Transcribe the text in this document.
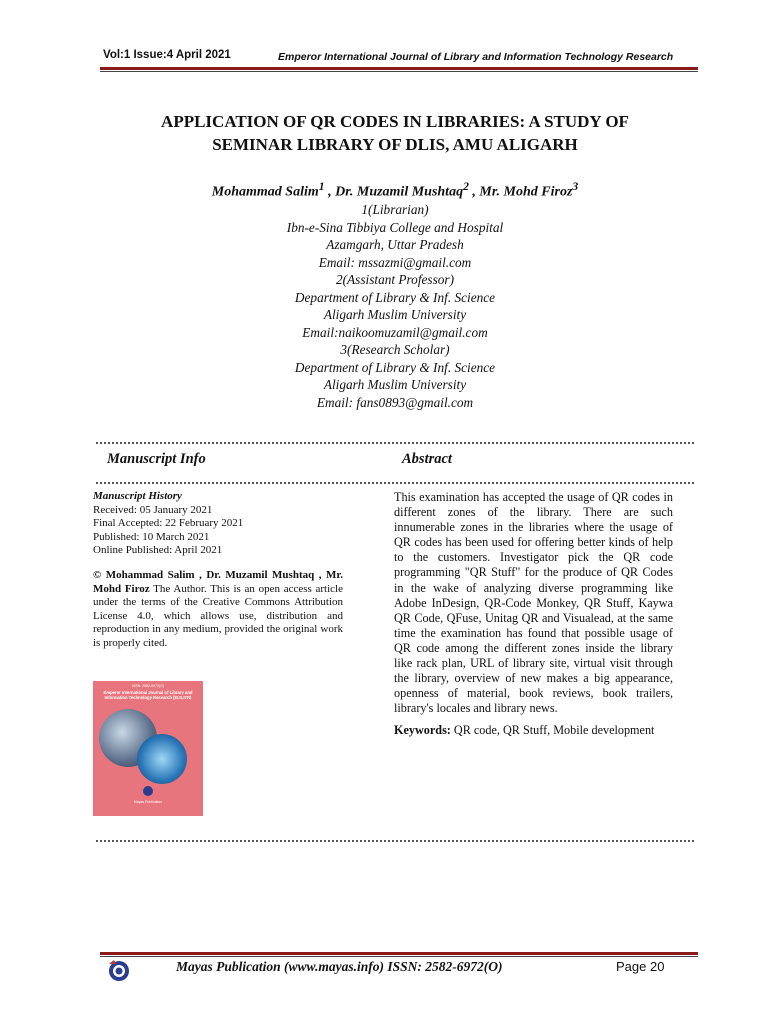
Vol:1 Issue:4 April 2021	Emperor International Journal of Library and Information Technology Research
APPLICATION OF QR CODES IN LIBRARIES: A STUDY OF
SEMINAR LIBRARY OF DLIS, AMU ALIGARH
Mohammad Salim$^1$ , Dr. Muzamil Mushtaq$^2$ , Mr. Mohd Firoz$^3$
1(Librarian)
Ibn-e-Sina Tibbiya College and Hospital
Azamgarh, Uttar Pradesh
Email: mssazmi@gmail.com
2(Assistant Professor)
Department of Library & Inf. Science
Aligarh Muslim University
Email:naikoomuzamil@gmail.com
3(Research Scholar)
Department of Library & Inf. Science
Aligarh Muslim University
Email: fans0893@gmail.com
Manuscript Info	Abstract

Manuscript History

Received: 05 January 2021

Final Accepted: 22 February 2021

Published: 10 March 2021

Online Published: April 2021

© Mohammad Salim , Dr. Muzamil Mushtaq , Mr. Mohd Firoz The Author. This is an open access article under the terms of the Creative Commons Attribution License 4.0, which allows use, distribution and reproduction in any medium, provided the original work is properly cited.

ISSN: 2582-6972(O)
Emperor International Journal of Library and Information Technology Research (EIJLITR)
Mayas Publication

This examination has accepted the usage of QR codes in different zones of the library. There are such innumerable zones in the libraries where the usage of QR codes has been used for offering better kinds of help to the customers. Investigator pick the QR code programming "QR Stuff" for the produce of QR Codes in the wake of analyzing diverse programming like Adobe InDesign, QR-Code Monkey, QR Stuff, Kaywa QR Code, QFuse, Unitag QR and Visualead, at the same time the examination has found that possible usage of QR code among the different zones inside the library like rack plan, URL of library site, virtual visit through the library, overview of new makes a big appearance, openness of material, book reviews, book trailers, library's locales and library news.

Keywords: QR code, QR Stuff, Mobile development

Mayas Publication (www.mayas.info) ISSN: 2582-6972(O)	Page 20
